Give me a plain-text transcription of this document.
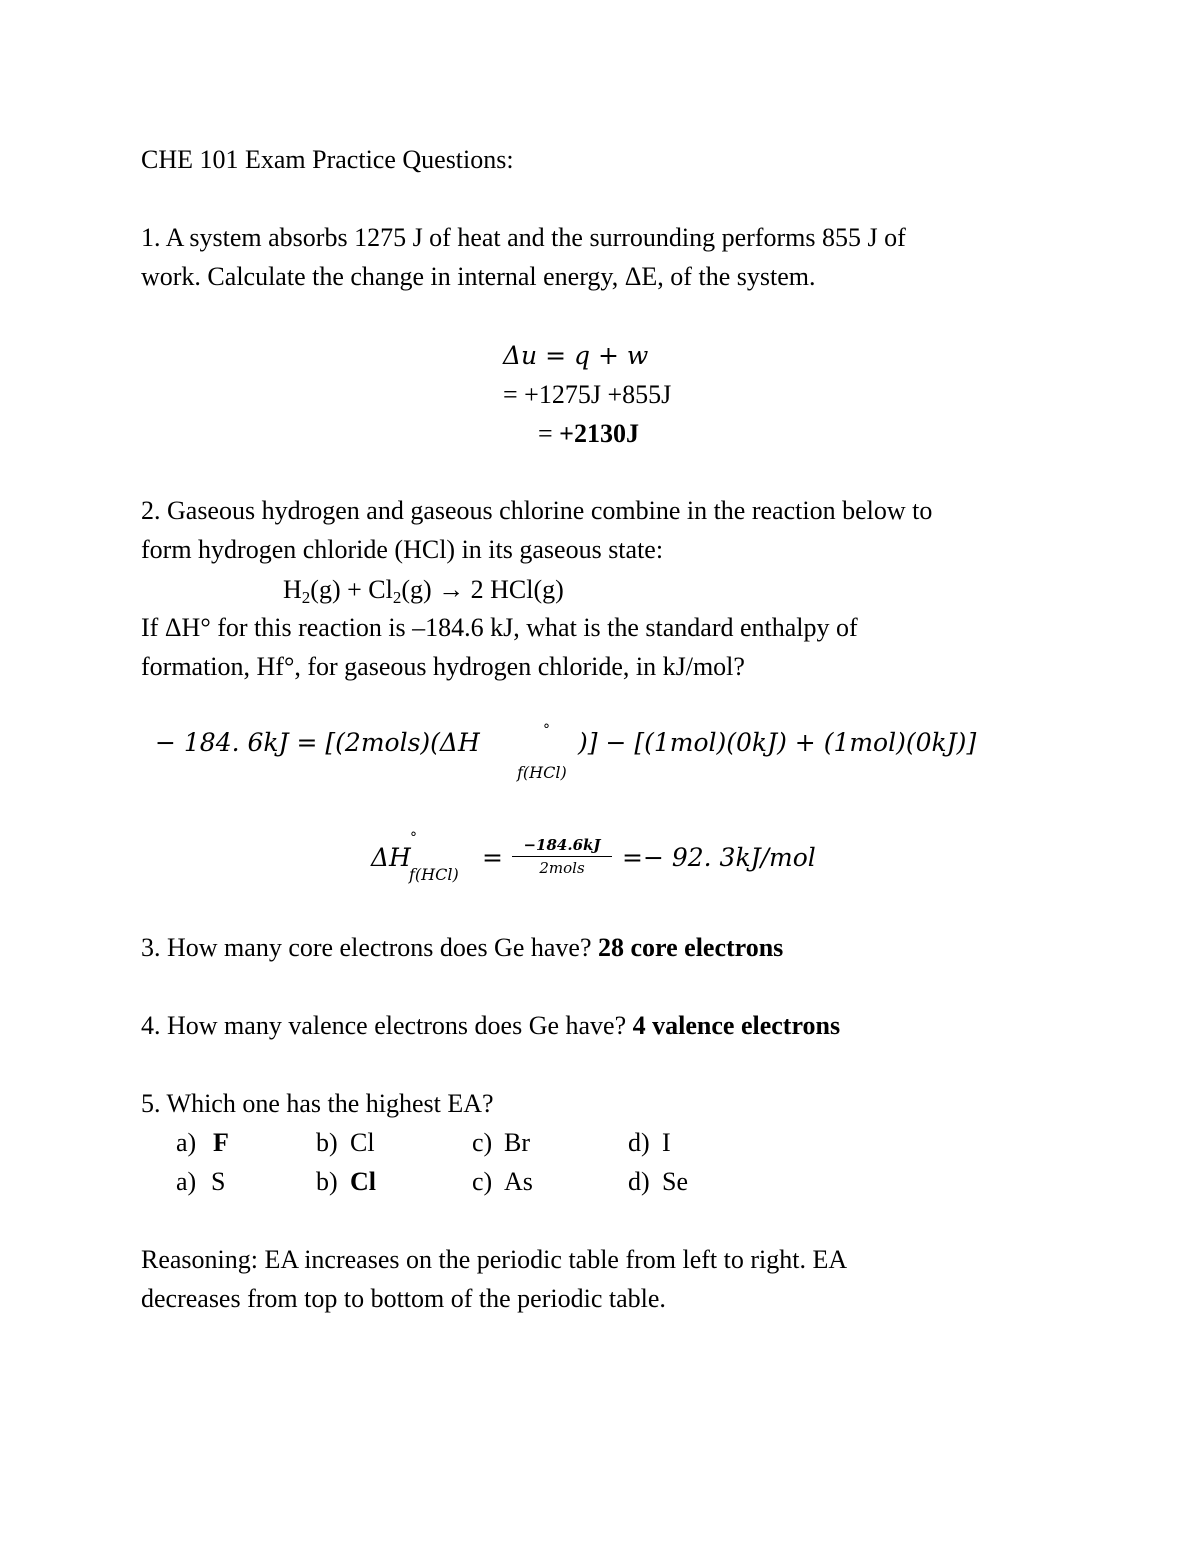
CHE 101 Exam Practice Questions:
1. A system absorbs 1275 J of heat and the surrounding performs 855 J of
work. Calculate the change in internal energy, ΔE, of the system.
Δu = q + w
= +1275J +855J
= +2130J
2. Gaseous hydrogen and gaseous chlorine combine in the reaction below to
form hydrogen chloride (HCl) in its gaseous state:
$H_2(g) + Cl_2(g) \to 2$ HCl(g)
If ΔH° for this reaction is –184.6 kJ, what is the standard enthalpy of
formation, Hf°, for gaseous hydrogen chloride, in kJ/mol?
− 184. 6kJ = [(2mols)(ΔH	°
f(HCl)
)] − [(1mol)(0kJ) + (1mol)(0kJ)]
ΔH
°
f(HCl)
=	−184.6kJ
2mols	=− 92. 3kJ/mol
3. How many core electrons does Ge have? 28 core electrons
4. How many valence electrons does Ge have? 4 valence electrons
5. Which one has the highest EA?
a) F	b) Cl	c) Br	d) I
a) S	b) Cl	c) As	d) Se
Reasoning: EA increases on the periodic table from left to right. EA
decreases from top to bottom of the periodic table.
